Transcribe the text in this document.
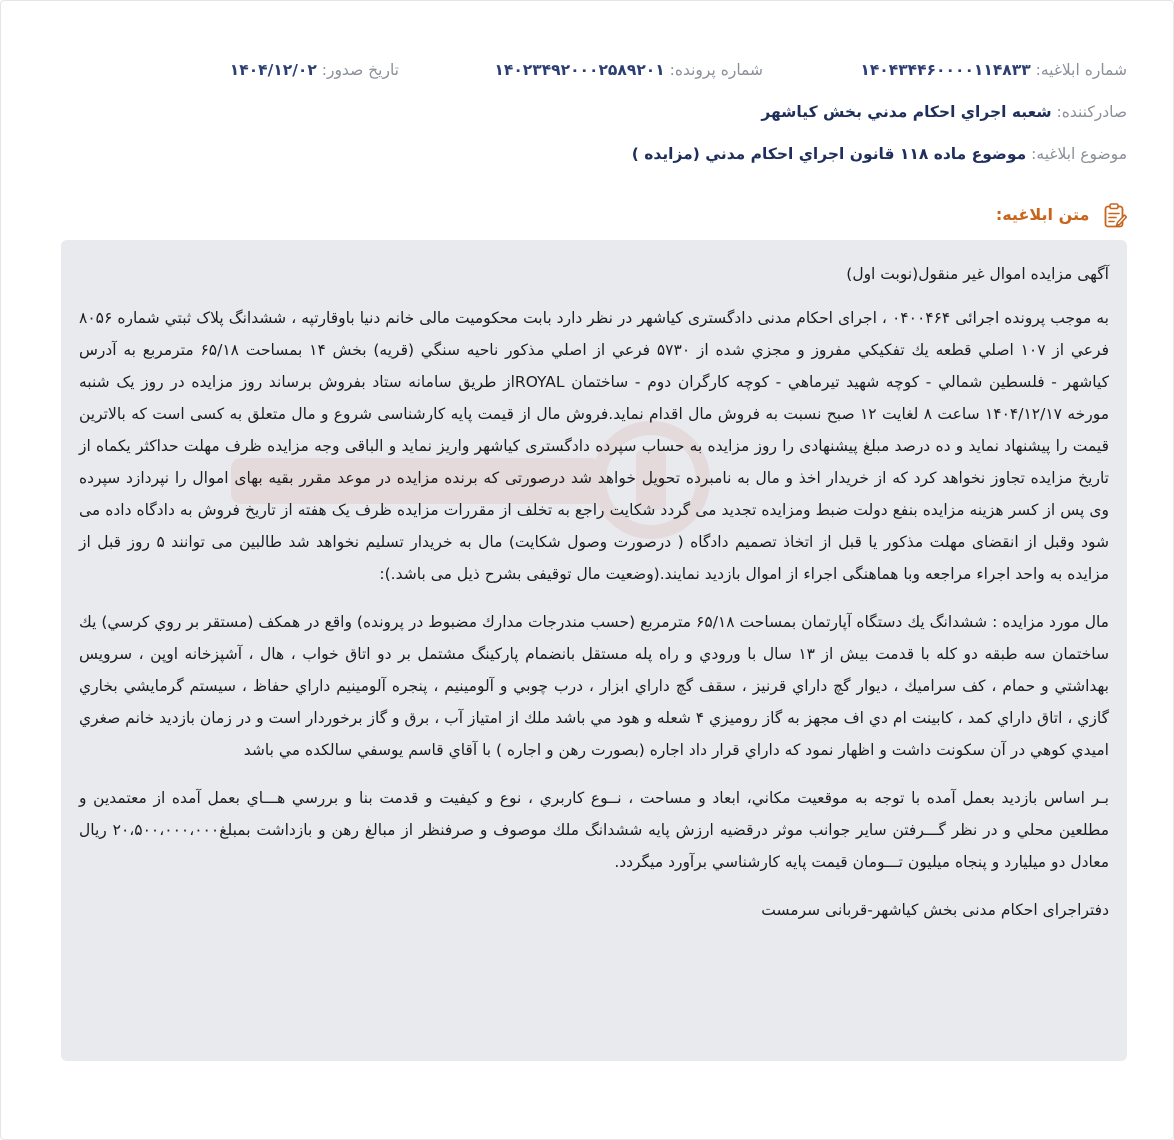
شماره ابلاغیه: ۱۴۰۴۳۴۴۶۰۰۰۰۱۱۴۸۳۳
شماره پرونده: ۱۴۰۲۳۴۹۲۰۰۰۲۵۸۹۲۰۱
تاریخ صدور: ۱۴۰۴/۱۲/۰۲
صادرکننده: شعبه اجراي احكام مدني بخش كياشهر
موضوع ابلاغیه: موضوع ماده ۱۱۸ قانون اجراي احكام مدني (مزايده )
متن ابلاغیه:

آگهی مزایده اموال غیر منقول(نوبت اول)

به موجب پرونده اجرائی ‎۰۴۰۰۴۶۴‎ ، اجرای احکام مدنی دادگستری کیاشهر در نظر دارد بابت محکومیت مالی خانم دنیا باوقارتپه ، ششدانگ پلاک ثبتي شماره ۸۰۵۶ فرعي از ۱۰۷ اصلي قطعه يك تفكيكي مفروز و مجزي شده از ۵۷۳۰ فرعي از اصلي مذكور ناحيه سنگي (قريه) بخش ۱۴ بمساحت ۶۵/۱۸ مترمربع به آدرس كياشهر - فلسطين شمالي - كوچه شهيد تيرماهي - كوچه كارگران دوم - ساختمان ROYALاز طریق سامانه ستاد بفروش برساند روز مزایده در روز یک شنبه مورخه ۱۴۰۴/۱۲/۱۷ ساعت ۸ لغایت ۱۲ صبح نسبت به فروش مال اقدام نماید.فروش مال از قیمت پایه کارشناسی شروع و مال متعلق به کسی است که بالاترین قیمت را پیشنهاد نماید و ده درصد مبلغ پیشنهادی را روز مزایده به حساب سپرده دادگستری کیاشهر واریز نماید و الباقی وجه مزایده ظرف مهلت حداکثر یکماه از تاریخ مزایده تجاوز نخواهد کرد که از خریدار اخذ و مال به نامبرده تحویل خواهد شد درصورتی که برنده مزایده در موعد مقرر بقیه بهای اموال را نپردازد سپرده وی پس از کسر هزینه مزایده بنفع دولت ضبط ومزایده تجدید می گردد شکایت راجع به تخلف از مقررات مزایده ظرف یک هفته از تاریخ فروش به دادگاه داده می شود وقبل از انقضای مهلت مذکور یا قبل از اتخاذ تصمیم دادگاه ( درصورت وصول شکایت) مال به خریدار تسلیم نخواهد شد طالبین می توانند ۵ روز قبل از مزایده به واحد اجراء مراجعه وبا هماهنگی اجراء از اموال بازدید نمایند.(وضعیت مال توقیفی بشرح ذیل می باشد.):

مال مورد مزايده : ششدانگ يك دستگاه آپارتمان بمساحت ۶۵/۱۸ مترمربع (حسب مندرجات مدارك مضبوط در پرونده) واقع در همكف (مستقر بر روي كرسي) يك ساختمان سه طبقه دو كله با قدمت بيش از ۱۳ سال با ورودي و راه پله مستقل بانضمام پاركينگ مشتمل بر دو اتاق خواب ، هال ، آشپزخانه اوپن ، سرويس بهداشتي و حمام ، كف سراميك ، ديوار گچ داراي قرنيز ، سقف گچ داراي ابزار ، درب چوبي و آلومينيم ، پنجره آلومينيم داراي حفاظ ، سيستم گرمايشي بخاري گازي ، اتاق داراي كمد ، كابينت ام دي اف مجهز به گاز روميزي ۴ شعله و هود مي باشد ملك از امتياز آب ، برق و گاز برخوردار است و در زمان بازديد خانم صغري اميدي كوهي در آن سكونت داشت و اظهار نمود كه داراي قرار داد اجاره (بصورت رهن و اجاره ) با آقاي قاسم يوسفي سالكده مي باشد

بـر اساس بازديد بعمل آمده با توجه به موقعيت مكاني، ابعاد و مساحت ، نــوع كاربري ، نوع و كيفيت و قدمت بنا و بررسي هـــاي بعمل آمده از معتمدين و مطلعين محلي و در نظر گـــرفتن ساير جوانب موثر درقضيه ارزش پايه ششدانگ ملك موصوف و صرفنظر از مبالغ رهن و بازداشت بمبلغ۲۰،۵۰۰،۰۰۰،۰۰۰ ريال معادل دو ميليارد و پنجاه ميليون تـــومان قيمت پايه كارشناسي برآورد ميگردد.

دفتراجرای احکام مدنی بخش کیاشهر-قربانی سرمست
